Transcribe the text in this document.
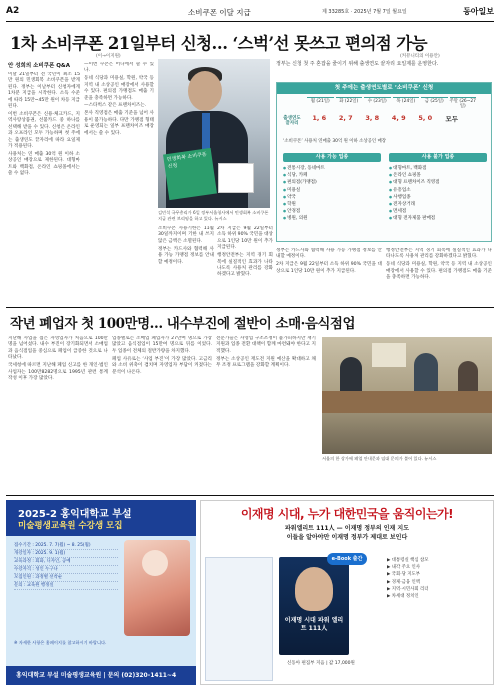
A2	소비쿠폰 이달 지급	제 33285호 · 2025년 7월 7일 월요일	동아일보
1차 소비쿠폰 21일부터 신청… ‘스벅’선 못쓰고 편의점 가능
(이→이지원)	(커뮤니티의 이용안)
안 성희의 소비쿠폰 Q&A

이달 21일부터 전 국민이 최소 15만 원의 민생회복 소비쿠폰을 받게 된다. 정부는 이날부터 신청자에게 1차분 지급을 시작한다. 소득 수준에 따라 15만~45만 원이 차등 지급된다.

이번 소비쿠폰은 신용·체크카드, 지역사랑상품권, 선불카드 중 하나를 선택해 받을 수 있다. 신청은 온라인과 오프라인 모두 가능하며 첫 주에는 출생연도 끝자리에 따라 요일제가 적용된다.

사용처는 연 매출 30억 원 이하 소상공인 매장으로 제한된다. 대형마트와 백화점, 온라인 쇼핑몰에서는 쓸 수 없다.

—이번 쿠폰은 어디에서 쓸 수 있나.

동네 식당과 미용실, 학원, 약국 등 지역 내 소상공인 매장에서 사용할 수 있다. 편의점 가맹점도 매출 기준을 충족하면 가능하다.

—스타벅스 같은 프랜차이즈는.

본사 직영점은 매출 기준을 넘어 사용이 불가능하다. 다만 가맹점 형태로 운영되는 일부 프랜차이즈 매장에서는 쓸 수 있다.

민생회복 소비쿠폰 신청
김민석 국무총리가 6일 정부서울청사에서 민생회복 소비쿠폰 지급 관련 브리핑을 하고 있다. 뉴시스

소비쿠폰 사용기한은 11월 30일까지이며 기한 내 쓰지 않은 금액은 소멸된다.

정부는 카드사와 협력해 사용 가능 가맹점 정보를 안내할 예정이다.

2차 지급은 9월 22일부터 소득 하위 90% 국민을 대상으로 1인당 10만 원이 추가 지급된다.

행정안전부는 지역 경기 회복에 실질적인 효과가 나타나도록 사용처 관리를 강화하겠다고 밝혔다.

정부는 신청 첫 주 혼잡을 줄이기 위해 출생연도 끝자리 요일제를 운영한다.
첫 주에는 출생연도별로 ‘소비쿠폰’ 신청
출생연도 끝자리
월 (21일)	화 (22일)	수 (23일)	목 (24일)	금 (25일)	주말 (26~27일)
1, 6	2, 7	3, 8	4, 9	5, 0	모두
‘소비쿠폰’ 사용처 연매출 30억 원 이하 소상공인 매장
사용 가능 업종
● 전통시장, 동네마트
● 식당, 카페
● 편의점(가맹점)
● 미용실
● 약국
● 학원
● 안경점
● 병원, 의원
사용 불가 업종
● 대형마트, 백화점
● 온라인 쇼핑몰
● 대형 프랜차이즈 직영점
● 유흥업소
● 사행업종
● 전자상거래
● 면세점
● 대형 전자제품 판매점

정부는 카드사와 협력해 사용 가능 가맹점 정보를 안내할 예정이다.

2차 지급은 9월 22일부터 소득 하위 90% 국민을 대상으로 1인당 10만 원이 추가 지급된다.

행정안전부는 지역 경기 회복에 실질적인 효과가 나타나도록 사용처 관리를 강화하겠다고 밝혔다.

동네 식당과 미용실, 학원, 약국 등 지역 내 소상공인 매장에서 사용할 수 있다. 편의점 가맹점도 매출 기준을 충족하면 가능하다.

작년 폐업자 첫 100만명… 내수부진에 절반이 소매·음식점업

지난해 사업을 접은 자영업자가 처음으로 100만 명을 넘어섰다. 내수 부진이 장기화되면서 소매업과 음식점업을 중심으로 폐업이 급증한 것으로 나타났다.

국세청에 따르면 지난해 폐업 신고를 한 개인·법인 사업자는 100만8282명으로 1995년 관련 통계 작성 이후 가장 많았다.

업종별로는 소매업 폐업자가 27만여 명으로 가장 많았고 음식점업이 15만여 명으로 뒤를 이었다. 두 업종이 전체의 절반가량을 차지했다.

폐업 사유로는 ‘사업 부진’이 가장 많았다. 고금리와 소비 위축이 겹치며 자영업자 부담이 커졌다는 분석이 나온다.

전문가들은 자영업 구조조정이 불가피하지만 재기 지원과 업종 전환 대책이 함께 마련돼야 한다고 지적했다.

정부는 소상공인 재도전 지원 예산을 확대하고 채무 조정 프로그램을 강화할 계획이다.

서울의 한 상가에 폐업 안내문과 임대 문의가 붙어 있다. 뉴시스
2025-2 홍익대학교 부설
미술평생교육원 수강생 모집
접수기간 : 2025. 7. 7(월) ~ 8. 25(월)
개강일자 : 2025. 9. 1(월)
교육과정 : 회화, 디자인, 공예
수강자격 : 성인 누구나
모집인원 : 과정별 선착순
문의 : 교육원 행정실
※ 자세한 사항은 홈페이지를 참고하시기 바랍니다.
홍익대학교 부설 미술평생교육원 | 문의 (02)320-1411~4
이재명 시대, 누가 대한민국을 움직이는가!
파워엘리트 111人 — 이재명 정부의 인재 지도
이들을 알아야만 이재명 정부가 제대로 보인다
이재명 시대 파워 엘리트 111人
e-Book 출간
신동아 편집부 지음 | 값 17,000원
▶ 대통령실 핵심 참모
▶ 내각 주요 인사
▶ 국회·당 지도부
▶ 경제·금융 인맥
▶ 지역·시민사회 리더
▶ 차세대 정치인
